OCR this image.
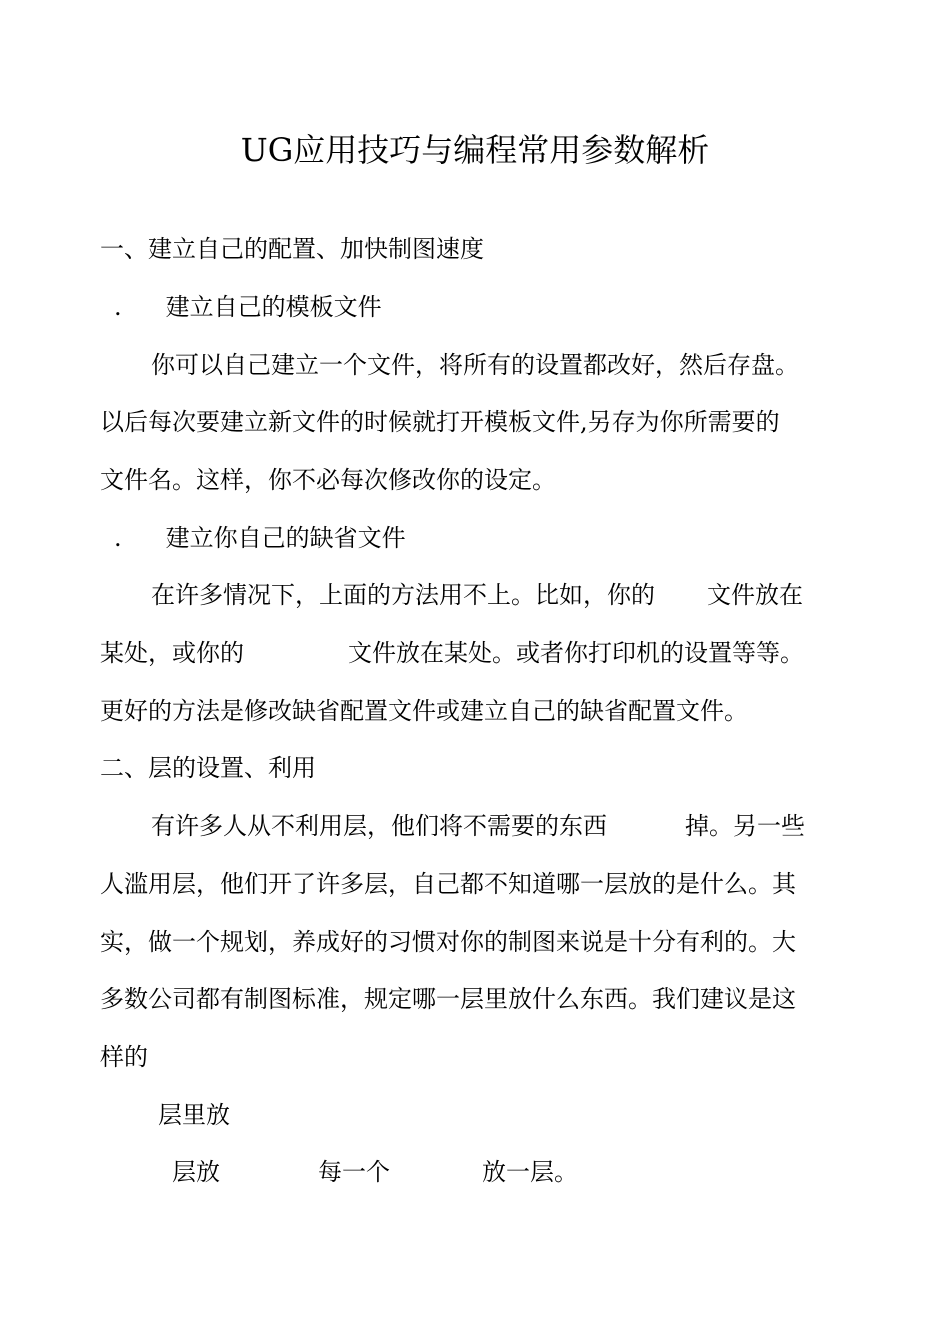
UG应用技巧与编程常用参数解析
一、建立自己的配置、加快制图速度
. 建立自己的模板文件
你可以自己建立一个文件，将所有的设置都改好，然后存盘。
以后每次要建立新文件的时候就打开模板文件,另存为你所需要的
文件名。这样，你不必每次修改你的设定。
. 建立你自己的缺省文件
在许多情况下，上面的方法用不上。比如，你的 文件放在
某处，或你的	文件放在某处。或者你打印机的设置等等。
更好的方法是修改缺省配置文件或建立自己的缺省配置文件。
二、层的设置、利用
有许多人从不利用层，他们将不需要的东西	掉。另一些
人滥用层，他们开了许多层，自己都不知道哪一层放的是什么。其
实，做一个规划，养成好的习惯对你的制图来说是十分有利的。大
多数公司都有制图标准，规定哪一层里放什么东西。我们建议是这
样的
层里放
层放	每一个	放一层。
